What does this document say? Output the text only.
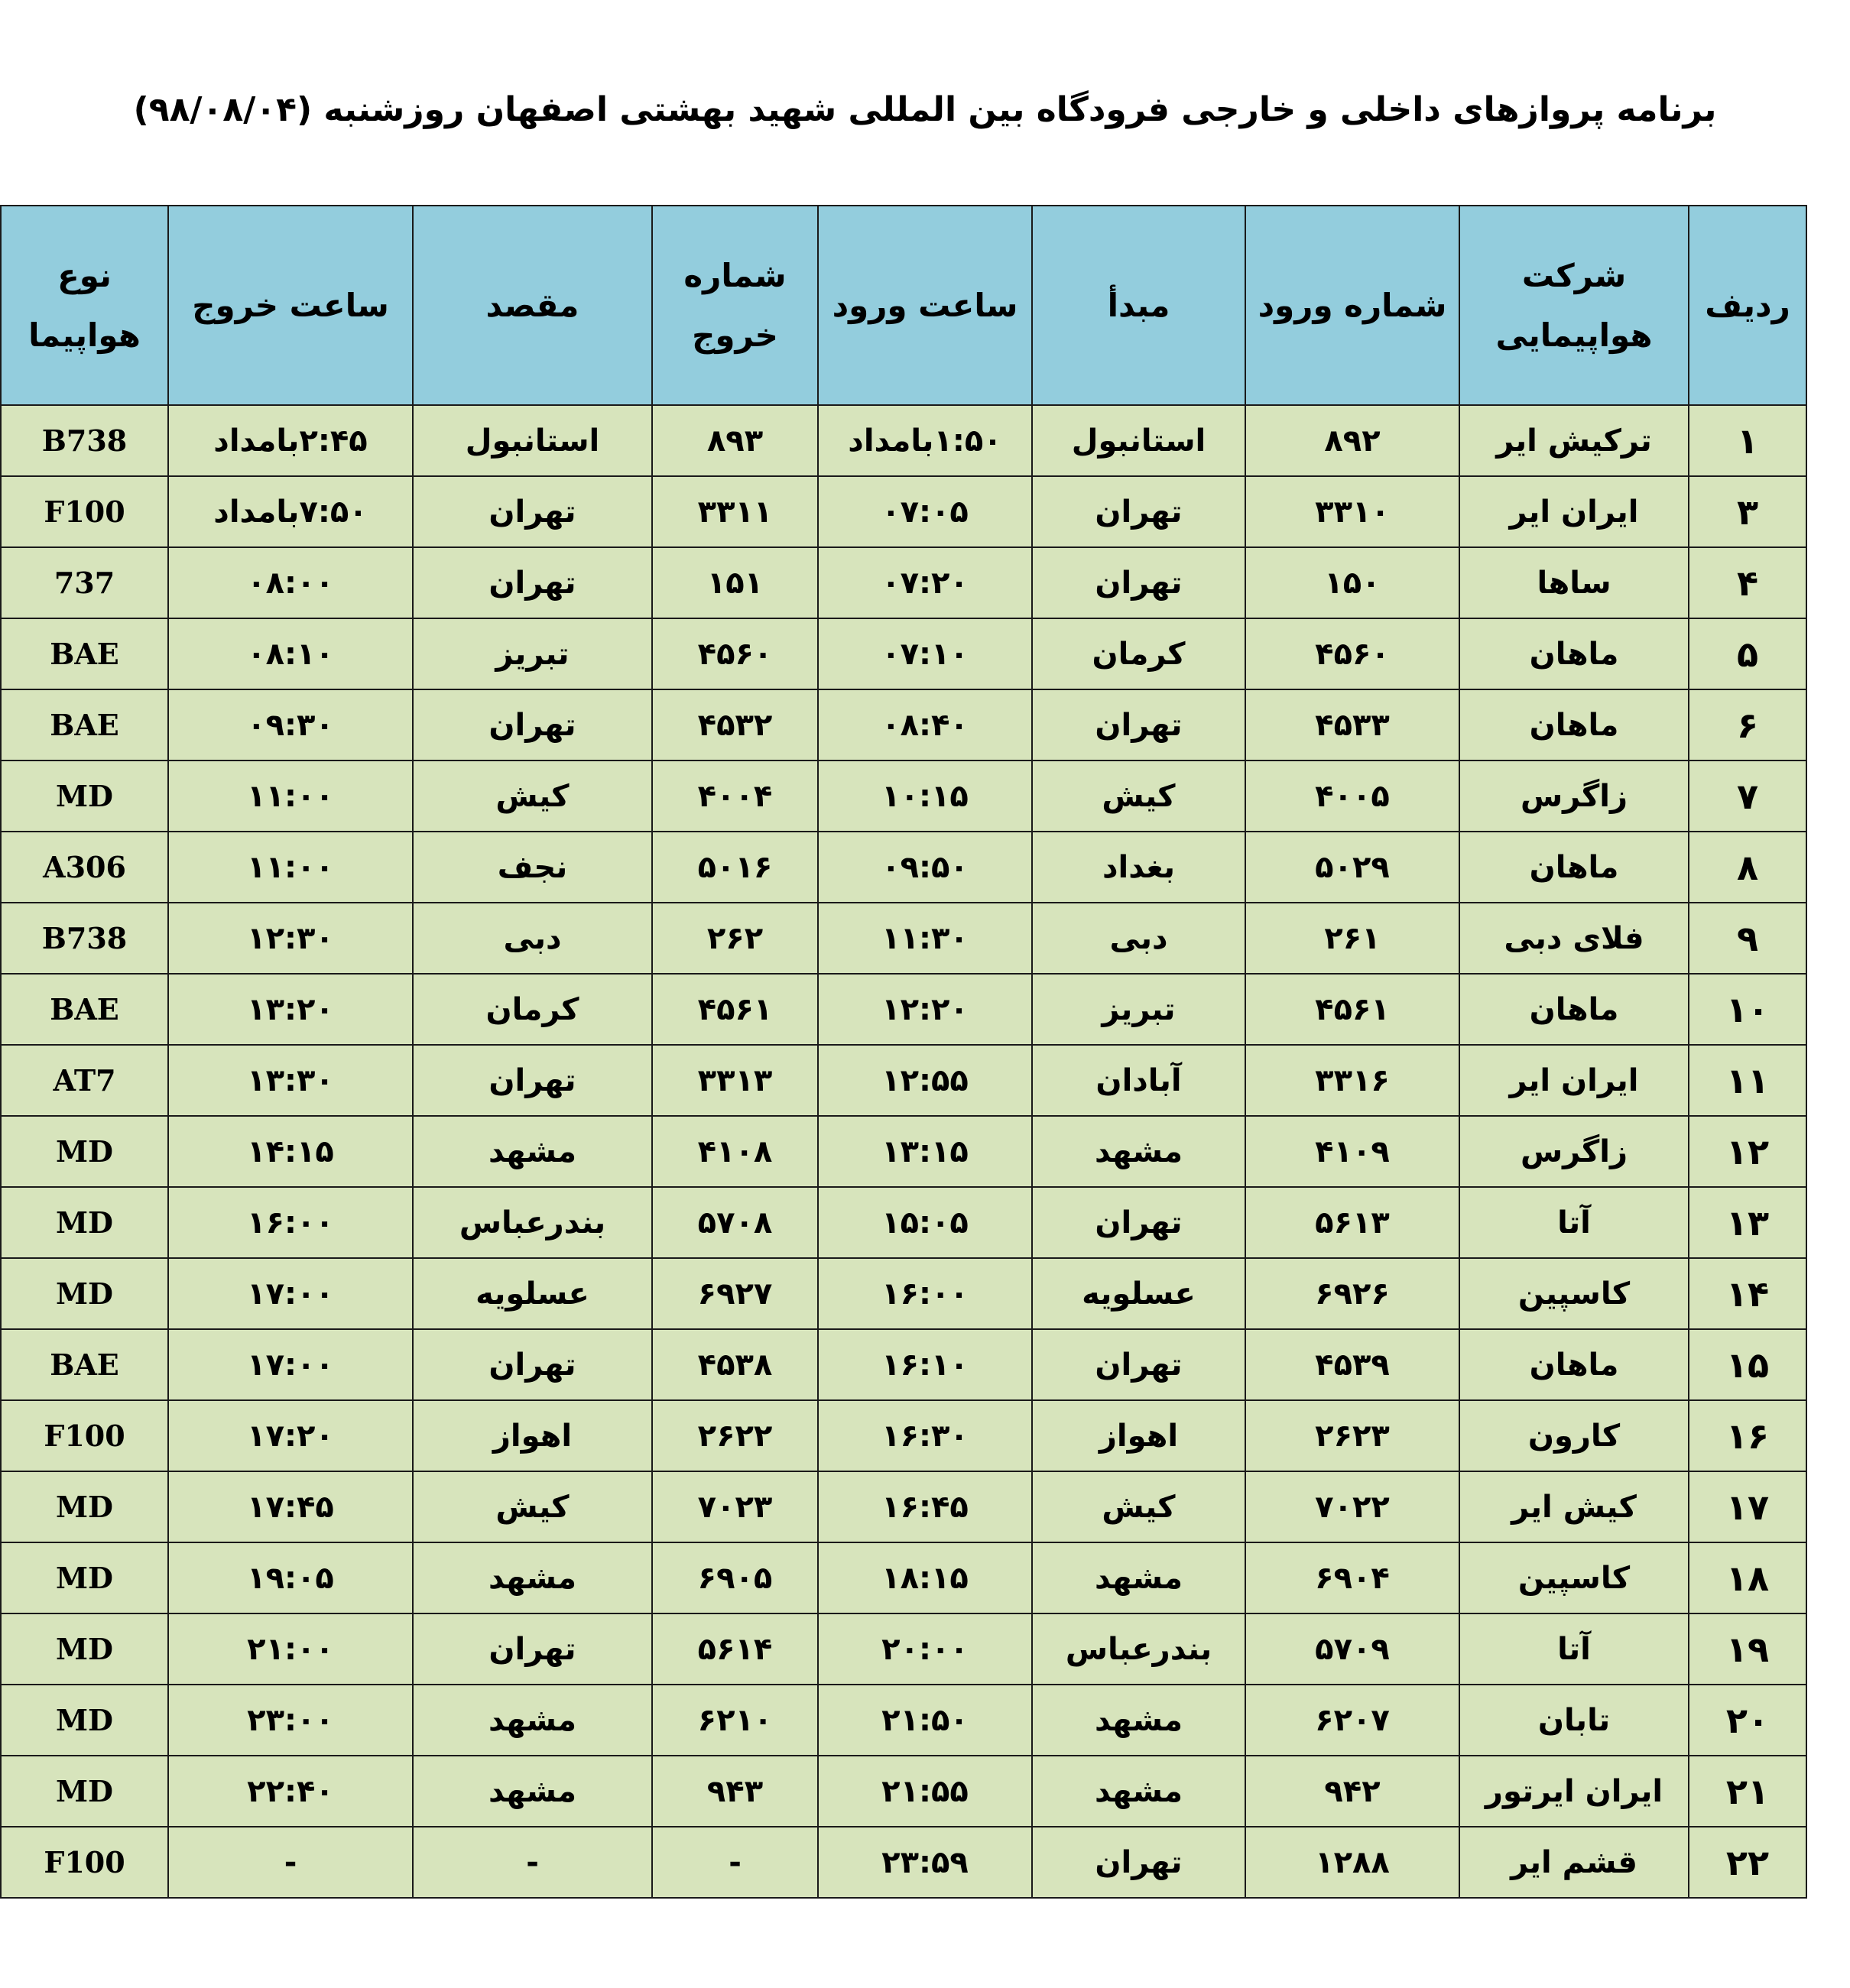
برنامه پروازهای داخلی و خارجی فرودگاه بین المللی شهید بهشتی اصفهان روزشنبه (۹۸/۰۸/۰۴)
ردیف	شرکت هواپیمایی	شماره ورود	مبدأ	ساعت ورود	شماره خروج	مقصد	ساعت خروج	نوع هواپیما
۱	ترکیش ایر	۸۹۲	استانبول	۱:۵۰بامداد	۸۹۳	استانبول	۲:۴۵بامداد	B738
۳	ایران ایر	۳۳۱۰	تهران	۰۷:۰۵	۳۳۱۱	تهران	۷:۵۰بامداد	F100
۴	ساها	۱۵۰	تهران	۰۷:۲۰	۱۵۱	تهران	۰۸:۰۰	737
۵	ماهان	۴۵۶۰	کرمان	۰۷:۱۰	۴۵۶۰	تبریز	۰۸:۱۰	BAE
۶	ماهان	۴۵۳۳	تهران	۰۸:۴۰	۴۵۳۲	تهران	۰۹:۳۰	BAE
۷	زاگرس	۴۰۰۵	کیش	۱۰:۱۵	۴۰۰۴	کیش	۱۱:۰۰	MD
۸	ماهان	۵۰۲۹	بغداد	۰۹:۵۰	۵۰۱۶	نجف	۱۱:۰۰	A306
۹	فلای دبی	۲۶۱	دبی	۱۱:۳۰	۲۶۲	دبی	۱۲:۳۰	B738
۱۰	ماهان	۴۵۶۱	تبریز	۱۲:۲۰	۴۵۶۱	کرمان	۱۳:۲۰	BAE
۱۱	ایران ایر	۳۳۱۶	آبادان	۱۲:۵۵	۳۳۱۳	تهران	۱۳:۳۰	AT7
۱۲	زاگرس	۴۱۰۹	مشهد	۱۳:۱۵	۴۱۰۸	مشهد	۱۴:۱۵	MD
۱۳	آتا	۵۶۱۳	تهران	۱۵:۰۵	۵۷۰۸	بندرعباس	۱۶:۰۰	MD
۱۴	کاسپین	۶۹۲۶	عسلویه	۱۶:۰۰	۶۹۲۷	عسلویه	۱۷:۰۰	MD
۱۵	ماهان	۴۵۳۹	تهران	۱۶:۱۰	۴۵۳۸	تهران	۱۷:۰۰	BAE
۱۶	کارون	۲۶۲۳	اهواز	۱۶:۳۰	۲۶۲۲	اهواز	۱۷:۲۰	F100
۱۷	کیش ایر	۷۰۲۲	کیش	۱۶:۴۵	۷۰۲۳	کیش	۱۷:۴۵	MD
۱۸	کاسپین	۶۹۰۴	مشهد	۱۸:۱۵	۶۹۰۵	مشهد	۱۹:۰۵	MD
۱۹	آتا	۵۷۰۹	بندرعباس	۲۰:۰۰	۵۶۱۴	تهران	۲۱:۰۰	MD
۲۰	تابان	۶۲۰۷	مشهد	۲۱:۵۰	۶۲۱۰	مشهد	۲۳:۰۰	MD
۲۱	ایران ایرتور	۹۴۲	مشهد	۲۱:۵۵	۹۴۳	مشهد	۲۲:۴۰	MD
۲۲	قشم ایر	۱۲۸۸	تهران	۲۳:۵۹	-	-	-	F100
